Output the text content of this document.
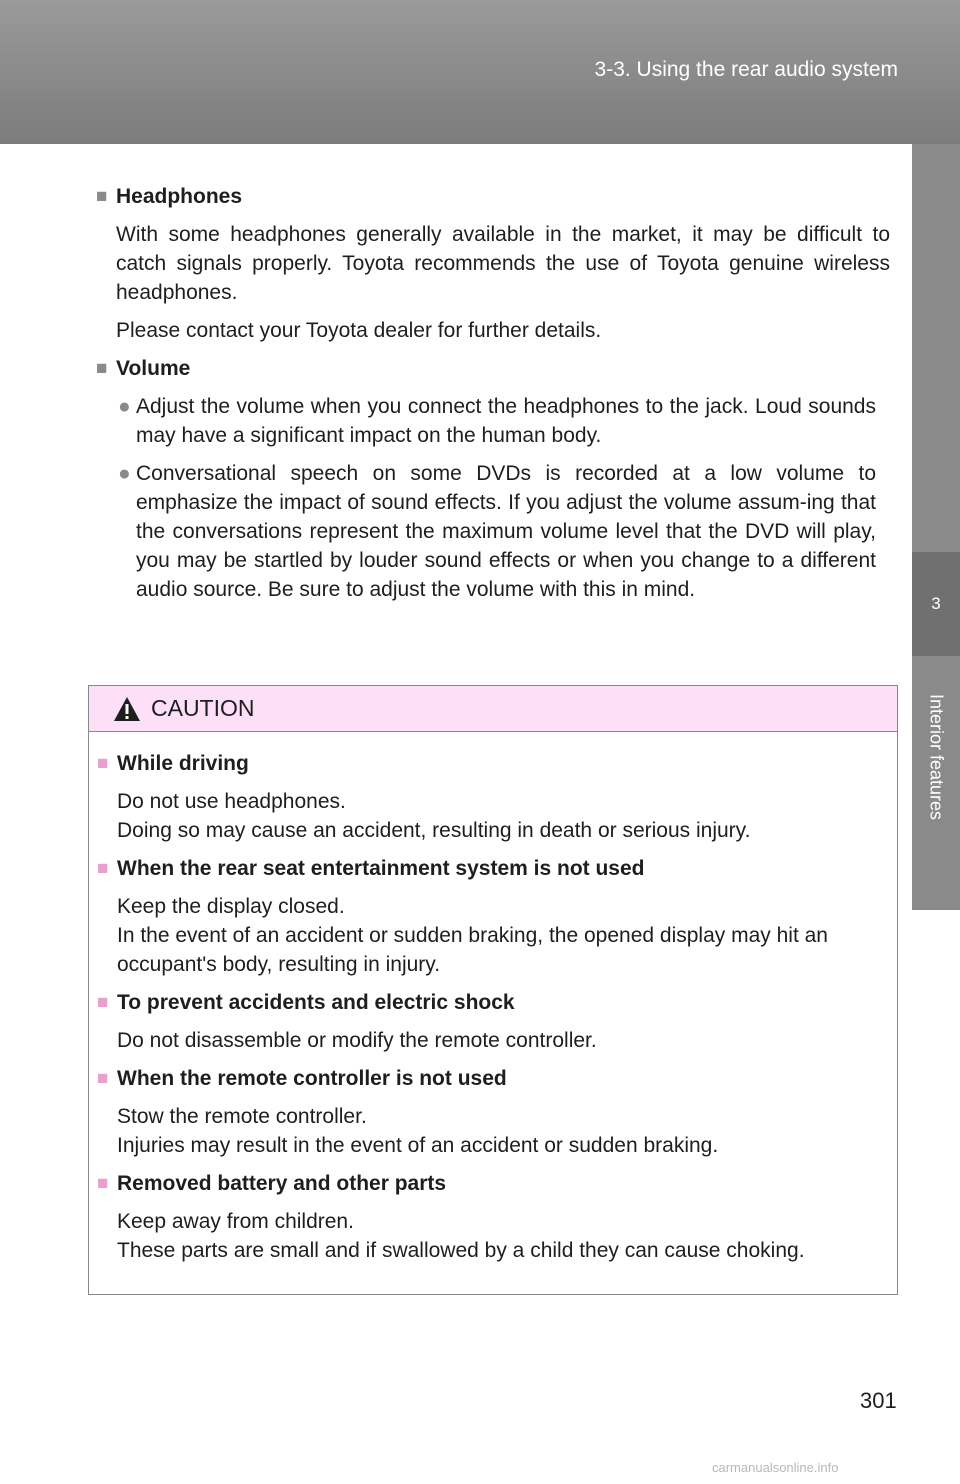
3-3. Using the rear audio system
3
Interior features
■ Headphones
With some headphones generally available in the market, it may be difficult to catch signals properly. Toyota recommends the use of Toyota genuine wireless headphones.
Please contact your Toyota dealer for further details.
■ Volume
● Adjust the volume when you connect the headphones to the jack. Loud sounds may have a significant impact on the human body.
● Conversational speech on some DVDs is recorded at a low volume to emphasize the impact of sound effects. If you adjust the volume assum-ing that the conversations represent the maximum volume level that the DVD will play, you may be startled by louder sound effects or when you change to a different audio source. Be sure to adjust the volume with this in mind.
CAUTION
■ While driving
Do not use headphones.
Doing so may cause an accident, resulting in death or serious injury.
■ When the rear seat entertainment system is not used
Keep the display closed.
In the event of an accident or sudden braking, the opened display may hit an occupant's body, resulting in injury.
■ To prevent accidents and electric shock
Do not disassemble or modify the remote controller.
■ When the remote controller is not used
Stow the remote controller.
Injuries may result in the event of an accident or sudden braking.
■ Removed battery and other parts
Keep away from children.
These parts are small and if swallowed by a child they can cause choking.
301
carmanualsonline.info
